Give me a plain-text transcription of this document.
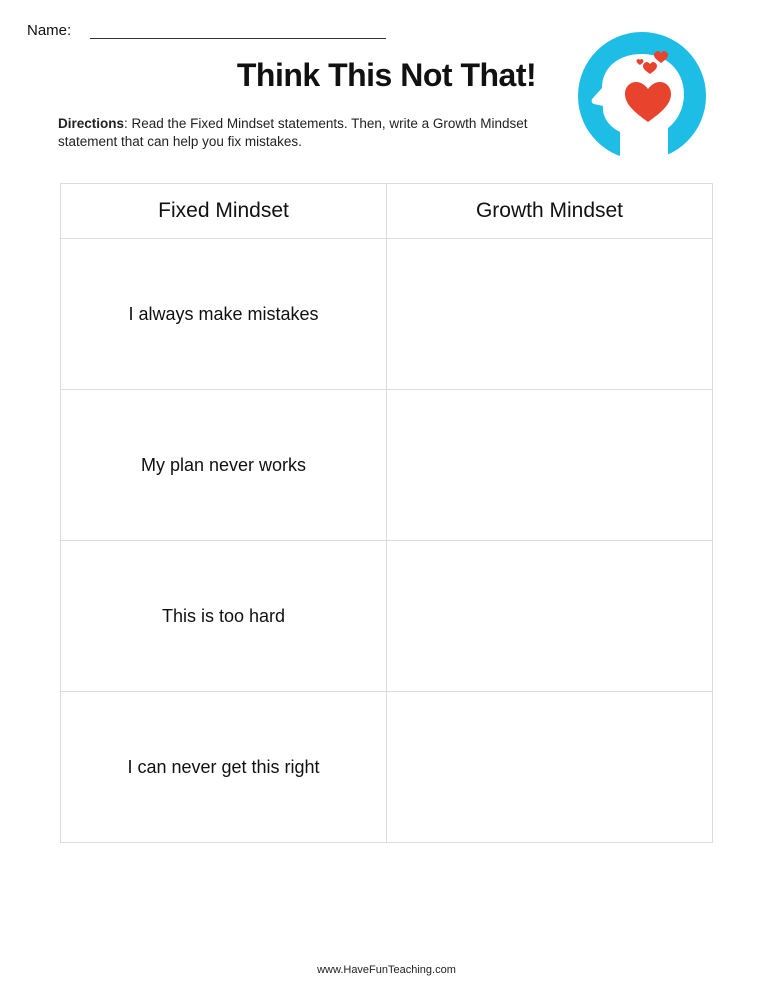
Name:
Think This Not That!
Directions: Read the Fixed Mindset statements. Then, write a Growth Mindset statement that can help you fix mistakes.
Fixed Mindset	Growth Mindset
I always make mistakes	
My plan never works	
This is too hard	
I can never get this right	
www.HaveFunTeaching.com
